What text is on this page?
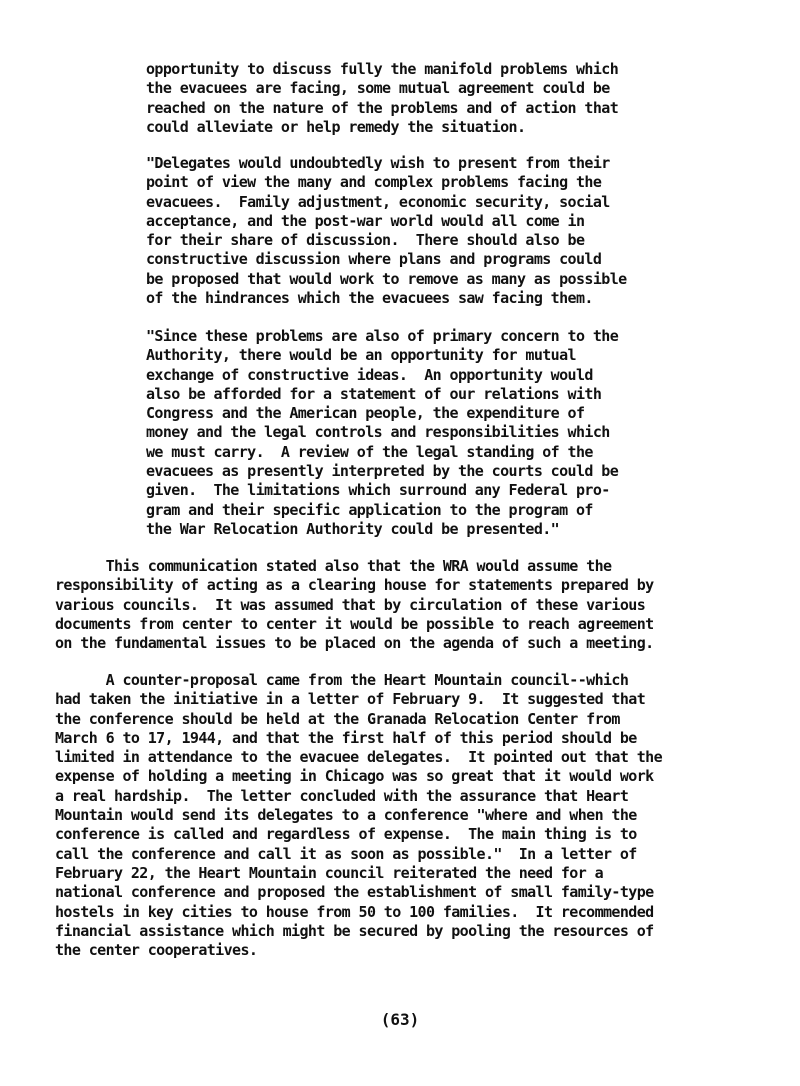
opportunity to discuss fully the manifold problems which
the evacuees are facing, some mutual agreement could be
reached on the nature of the problems and of action that
could alleviate or help remedy the situation.
"Delegates would undoubtedly wish to present from their
point of view the many and complex problems facing the
evacuees.  Family adjustment, economic security, social
acceptance, and the post-war world would all come in
for their share of discussion.  There should also be
constructive discussion where plans and programs could
be proposed that would work to remove as many as possible
of the hindrances which the evacuees saw facing them.
"Since these problems are also of primary concern to the
Authority, there would be an opportunity for mutual
exchange of constructive ideas.  An opportunity would
also be afforded for a statement of our relations with
Congress and the American people, the expenditure of
money and the legal controls and responsibilities which
we must carry.  A review of the legal standing of the
evacuees as presently interpreted by the courts could be
given.  The limitations which surround any Federal pro-
gram and their specific application to the program of
the War Relocation Authority could be presented."
This communication stated also that the WRA would assume the
responsibility of acting as a clearing house for statements prepared by
various councils.  It was assumed that by circulation of these various
documents from center to center it would be possible to reach agreement
on the fundamental issues to be placed on the agenda of such a meeting.
A counter-proposal came from the Heart Mountain council--which
had taken the initiative in a letter of February 9.  It suggested that
the conference should be held at the Granada Relocation Center from
March 6 to 17, 1944, and that the first half of this period should be
limited in attendance to the evacuee delegates.  It pointed out that the
expense of holding a meeting in Chicago was so great that it would work
a real hardship.  The letter concluded with the assurance that Heart
Mountain would send its delegates to a conference "where and when the
conference is called and regardless of expense.  The main thing is to
call the conference and call it as soon as possible."  In a letter of
February 22, the Heart Mountain council reiterated the need for a
national conference and proposed the establishment of small family-type
hostels in key cities to house from 50 to 100 families.  It recommended
financial assistance which might be secured by pooling the resources of
the center cooperatives.
(63)
